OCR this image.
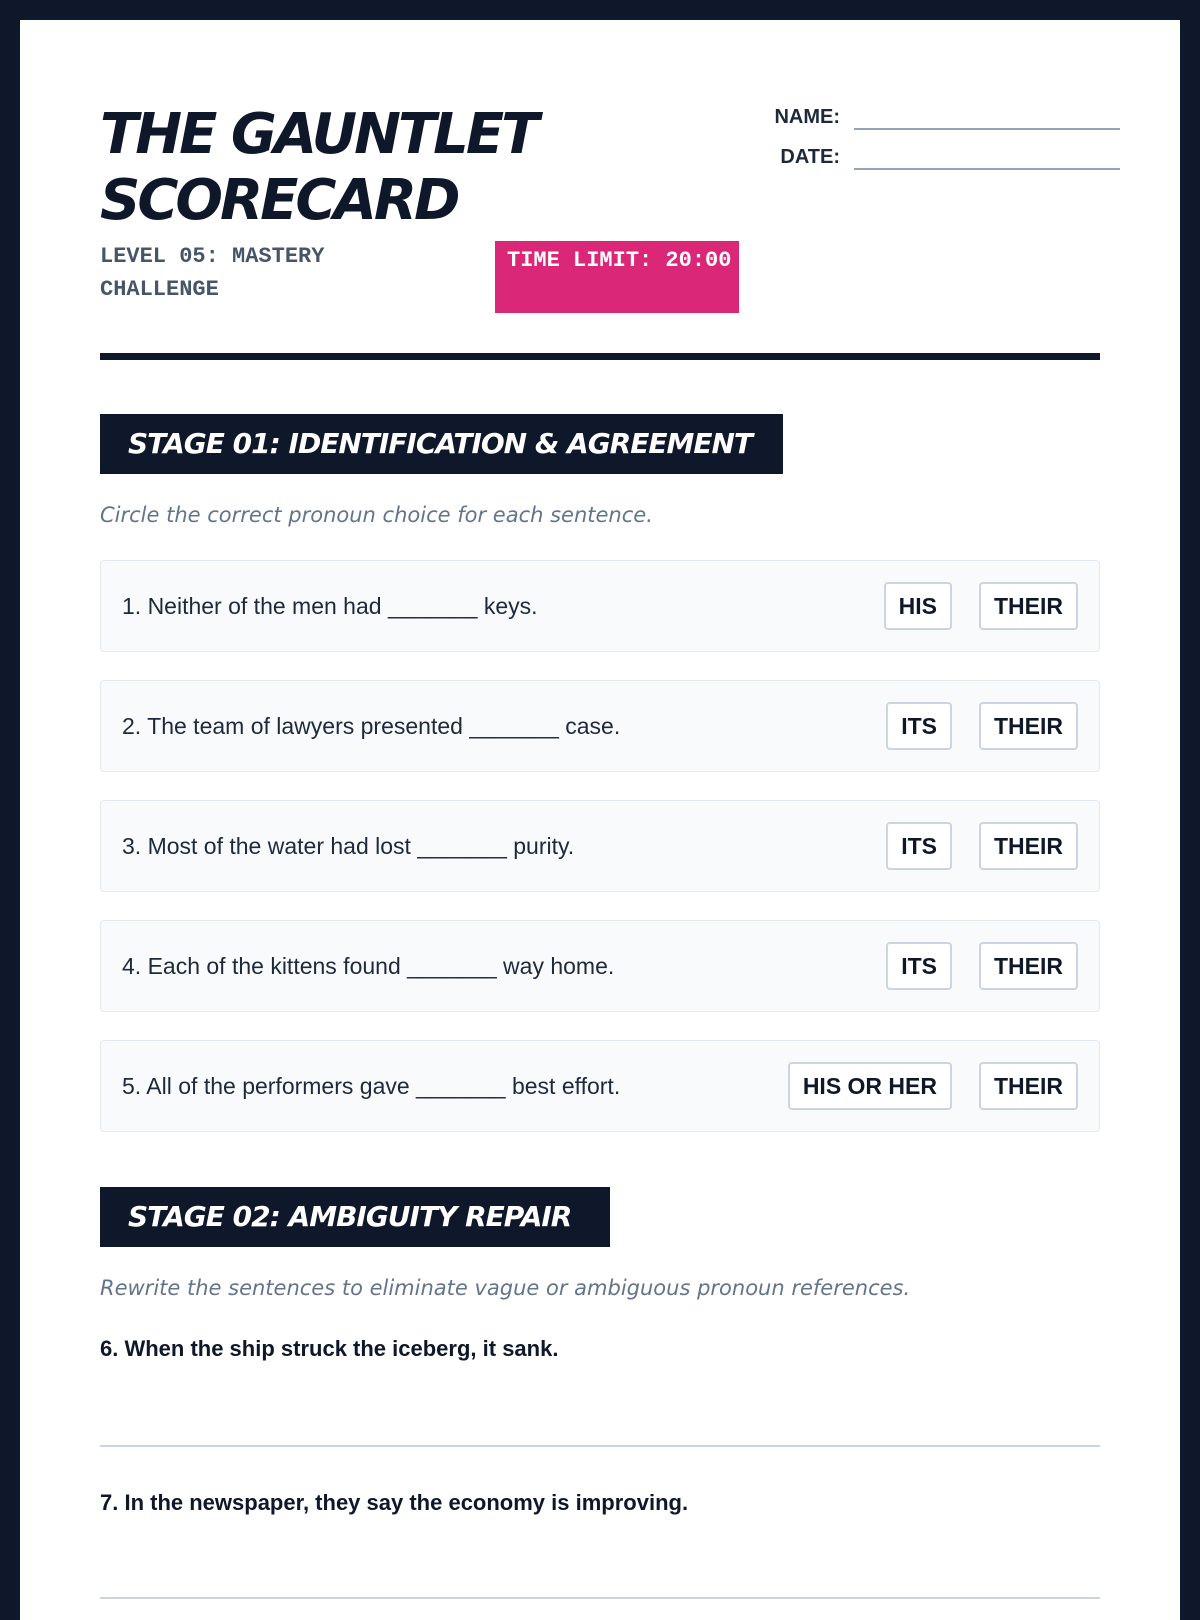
THE GAUNTLET SCORECARD
LEVEL 05: MASTERY CHALLENGE
TIME LIMIT: 20:00
NAME:
DATE:
STAGE 01: IDENTIFICATION & AGREEMENT
Circle the correct pronoun choice for each sentence.
1. Neither of the men had _______ keys.	HIS	THEIR
2. The team of lawyers presented _______ case.	ITS	THEIR
3. Most of the water had lost _______ purity.	ITS	THEIR
4. Each of the kittens found _______ way home.	ITS	THEIR
5. All of the performers gave _______ best effort.	HIS OR HER	THEIR
STAGE 02: AMBIGUITY REPAIR
Rewrite the sentences to eliminate vague or ambiguous pronoun references.
6. When the ship struck the iceberg, it sank.
7. In the newspaper, they say the economy is improving.
